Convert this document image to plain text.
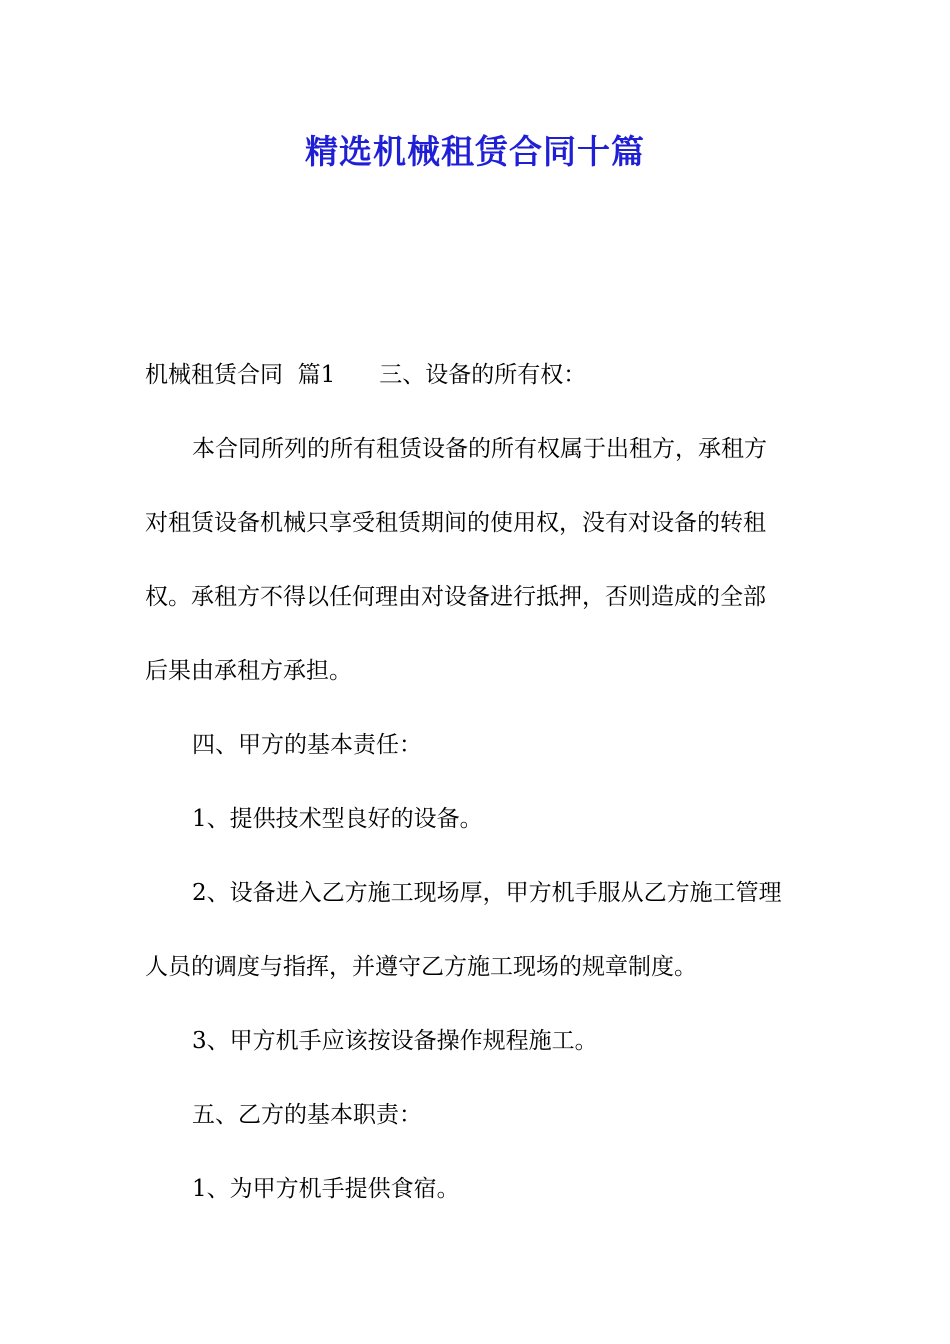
精选机械租赁合同十篇
机械租赁合同  篇1 三、设备的所有权：
本合同所列的所有租赁设备的所有权属于出租方，承租方
对租赁设备机械只享受租赁期间的使用权，没有对设备的转租
权。承租方不得以任何理由对设备进行抵押，否则造成的全部
后果由承租方承担。
四、甲方的基本责任：
1、提供技术型良好的设备。
2、设备进入乙方施工现场厚，甲方机手服从乙方施工管理
人员的调度与指挥，并遵守乙方施工现场的规章制度。
3、甲方机手应该按设备操作规程施工。
五、乙方的基本职责：
1、为甲方机手提供食宿。
